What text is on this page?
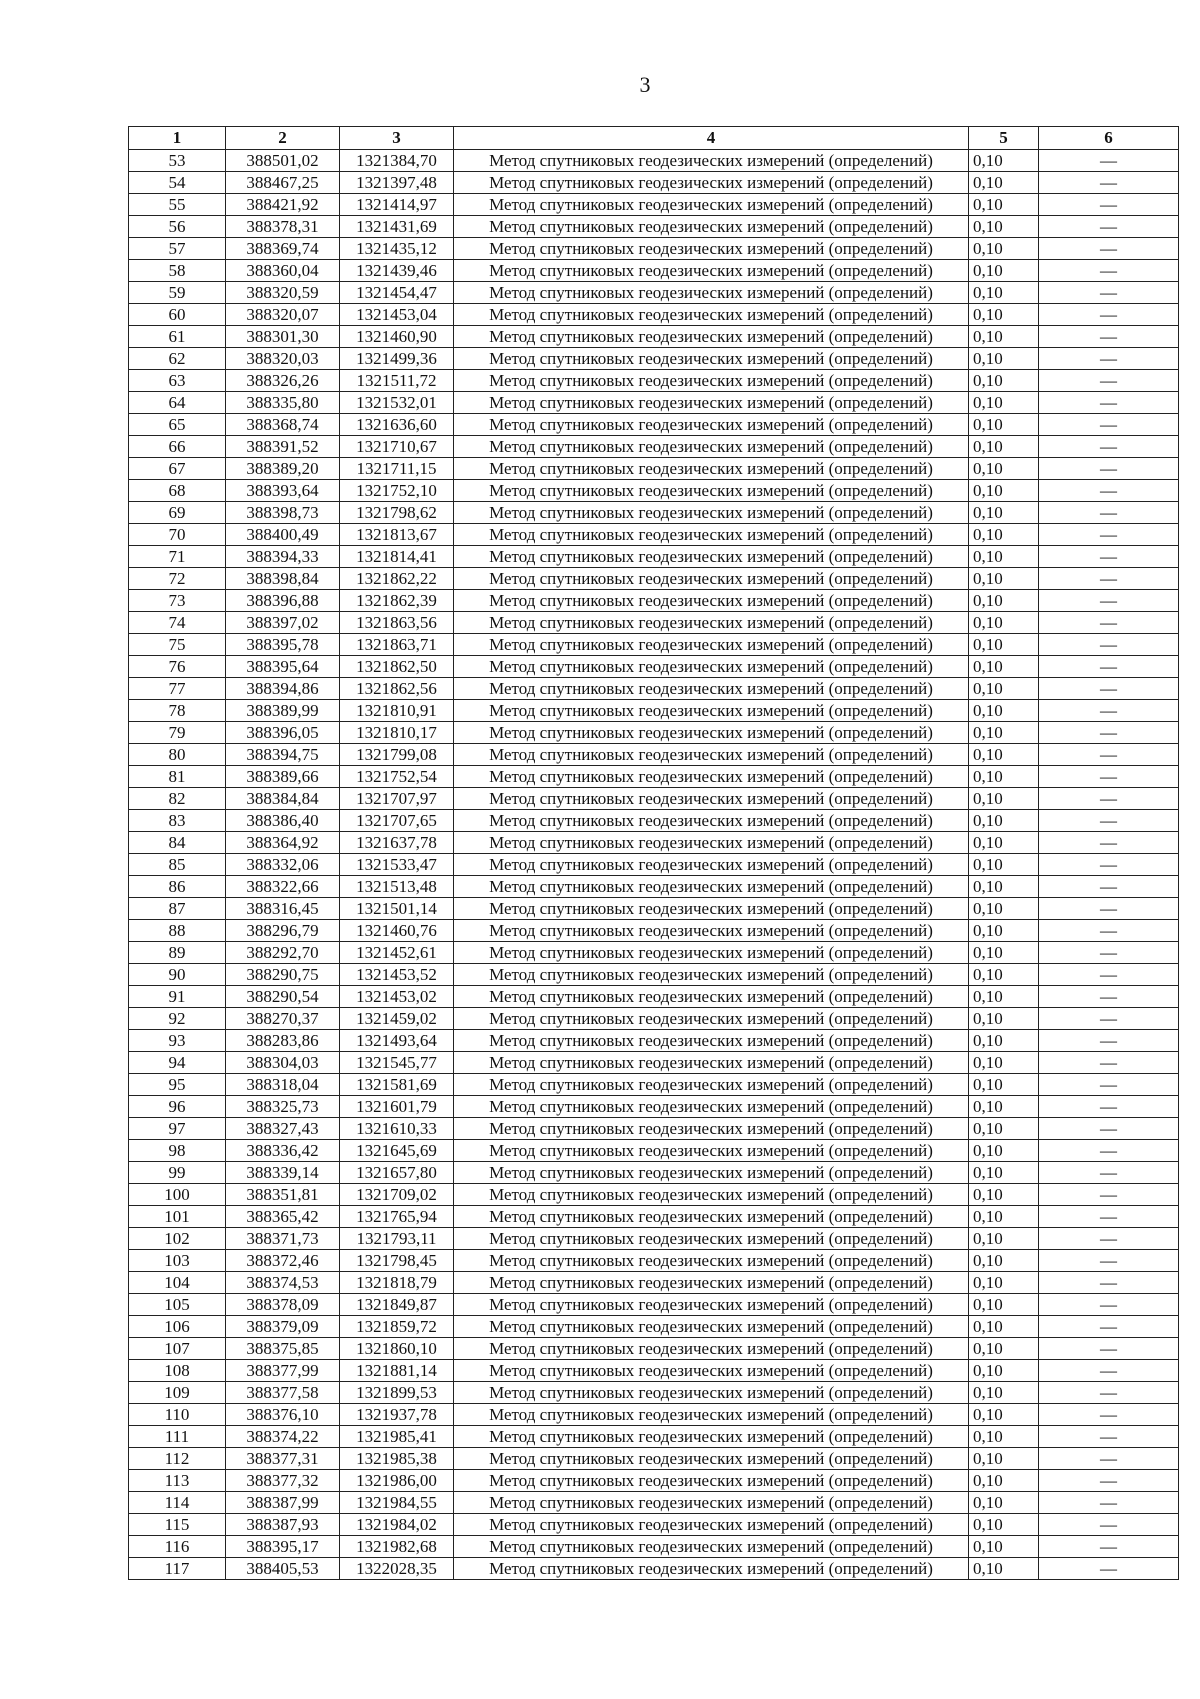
3
1	2	3	4	5	6
53	388501,02	1321384,70	Метод спутниковых геодезических измерений (определений)	0,10	—
54	388467,25	1321397,48	Метод спутниковых геодезических измерений (определений)	0,10	—
55	388421,92	1321414,97	Метод спутниковых геодезических измерений (определений)	0,10	—
56	388378,31	1321431,69	Метод спутниковых геодезических измерений (определений)	0,10	—
57	388369,74	1321435,12	Метод спутниковых геодезических измерений (определений)	0,10	—
58	388360,04	1321439,46	Метод спутниковых геодезических измерений (определений)	0,10	—
59	388320,59	1321454,47	Метод спутниковых геодезических измерений (определений)	0,10	—
60	388320,07	1321453,04	Метод спутниковых геодезических измерений (определений)	0,10	—
61	388301,30	1321460,90	Метод спутниковых геодезических измерений (определений)	0,10	—
62	388320,03	1321499,36	Метод спутниковых геодезических измерений (определений)	0,10	—
63	388326,26	1321511,72	Метод спутниковых геодезических измерений (определений)	0,10	—
64	388335,80	1321532,01	Метод спутниковых геодезических измерений (определений)	0,10	—
65	388368,74	1321636,60	Метод спутниковых геодезических измерений (определений)	0,10	—
66	388391,52	1321710,67	Метод спутниковых геодезических измерений (определений)	0,10	—
67	388389,20	1321711,15	Метод спутниковых геодезических измерений (определений)	0,10	—
68	388393,64	1321752,10	Метод спутниковых геодезических измерений (определений)	0,10	—
69	388398,73	1321798,62	Метод спутниковых геодезических измерений (определений)	0,10	—
70	388400,49	1321813,67	Метод спутниковых геодезических измерений (определений)	0,10	—
71	388394,33	1321814,41	Метод спутниковых геодезических измерений (определений)	0,10	—
72	388398,84	1321862,22	Метод спутниковых геодезических измерений (определений)	0,10	—
73	388396,88	1321862,39	Метод спутниковых геодезических измерений (определений)	0,10	—
74	388397,02	1321863,56	Метод спутниковых геодезических измерений (определений)	0,10	—
75	388395,78	1321863,71	Метод спутниковых геодезических измерений (определений)	0,10	—
76	388395,64	1321862,50	Метод спутниковых геодезических измерений (определений)	0,10	—
77	388394,86	1321862,56	Метод спутниковых геодезических измерений (определений)	0,10	—
78	388389,99	1321810,91	Метод спутниковых геодезических измерений (определений)	0,10	—
79	388396,05	1321810,17	Метод спутниковых геодезических измерений (определений)	0,10	—
80	388394,75	1321799,08	Метод спутниковых геодезических измерений (определений)	0,10	—
81	388389,66	1321752,54	Метод спутниковых геодезических измерений (определений)	0,10	—
82	388384,84	1321707,97	Метод спутниковых геодезических измерений (определений)	0,10	—
83	388386,40	1321707,65	Метод спутниковых геодезических измерений (определений)	0,10	—
84	388364,92	1321637,78	Метод спутниковых геодезических измерений (определений)	0,10	—
85	388332,06	1321533,47	Метод спутниковых геодезических измерений (определений)	0,10	—
86	388322,66	1321513,48	Метод спутниковых геодезических измерений (определений)	0,10	—
87	388316,45	1321501,14	Метод спутниковых геодезических измерений (определений)	0,10	—
88	388296,79	1321460,76	Метод спутниковых геодезических измерений (определений)	0,10	—
89	388292,70	1321452,61	Метод спутниковых геодезических измерений (определений)	0,10	—
90	388290,75	1321453,52	Метод спутниковых геодезических измерений (определений)	0,10	—
91	388290,54	1321453,02	Метод спутниковых геодезических измерений (определений)	0,10	—
92	388270,37	1321459,02	Метод спутниковых геодезических измерений (определений)	0,10	—
93	388283,86	1321493,64	Метод спутниковых геодезических измерений (определений)	0,10	—
94	388304,03	1321545,77	Метод спутниковых геодезических измерений (определений)	0,10	—
95	388318,04	1321581,69	Метод спутниковых геодезических измерений (определений)	0,10	—
96	388325,73	1321601,79	Метод спутниковых геодезических измерений (определений)	0,10	—
97	388327,43	1321610,33	Метод спутниковых геодезических измерений (определений)	0,10	—
98	388336,42	1321645,69	Метод спутниковых геодезических измерений (определений)	0,10	—
99	388339,14	1321657,80	Метод спутниковых геодезических измерений (определений)	0,10	—
100	388351,81	1321709,02	Метод спутниковых геодезических измерений (определений)	0,10	—
101	388365,42	1321765,94	Метод спутниковых геодезических измерений (определений)	0,10	—
102	388371,73	1321793,11	Метод спутниковых геодезических измерений (определений)	0,10	—
103	388372,46	1321798,45	Метод спутниковых геодезических измерений (определений)	0,10	—
104	388374,53	1321818,79	Метод спутниковых геодезических измерений (определений)	0,10	—
105	388378,09	1321849,87	Метод спутниковых геодезических измерений (определений)	0,10	—
106	388379,09	1321859,72	Метод спутниковых геодезических измерений (определений)	0,10	—
107	388375,85	1321860,10	Метод спутниковых геодезических измерений (определений)	0,10	—
108	388377,99	1321881,14	Метод спутниковых геодезических измерений (определений)	0,10	—
109	388377,58	1321899,53	Метод спутниковых геодезических измерений (определений)	0,10	—
110	388376,10	1321937,78	Метод спутниковых геодезических измерений (определений)	0,10	—
111	388374,22	1321985,41	Метод спутниковых геодезических измерений (определений)	0,10	—
112	388377,31	1321985,38	Метод спутниковых геодезических измерений (определений)	0,10	—
113	388377,32	1321986,00	Метод спутниковых геодезических измерений (определений)	0,10	—
114	388387,99	1321984,55	Метод спутниковых геодезических измерений (определений)	0,10	—
115	388387,93	1321984,02	Метод спутниковых геодезических измерений (определений)	0,10	—
116	388395,17	1321982,68	Метод спутниковых геодезических измерений (определений)	0,10	—
117	388405,53	1322028,35	Метод спутниковых геодезических измерений (определений)	0,10	—
